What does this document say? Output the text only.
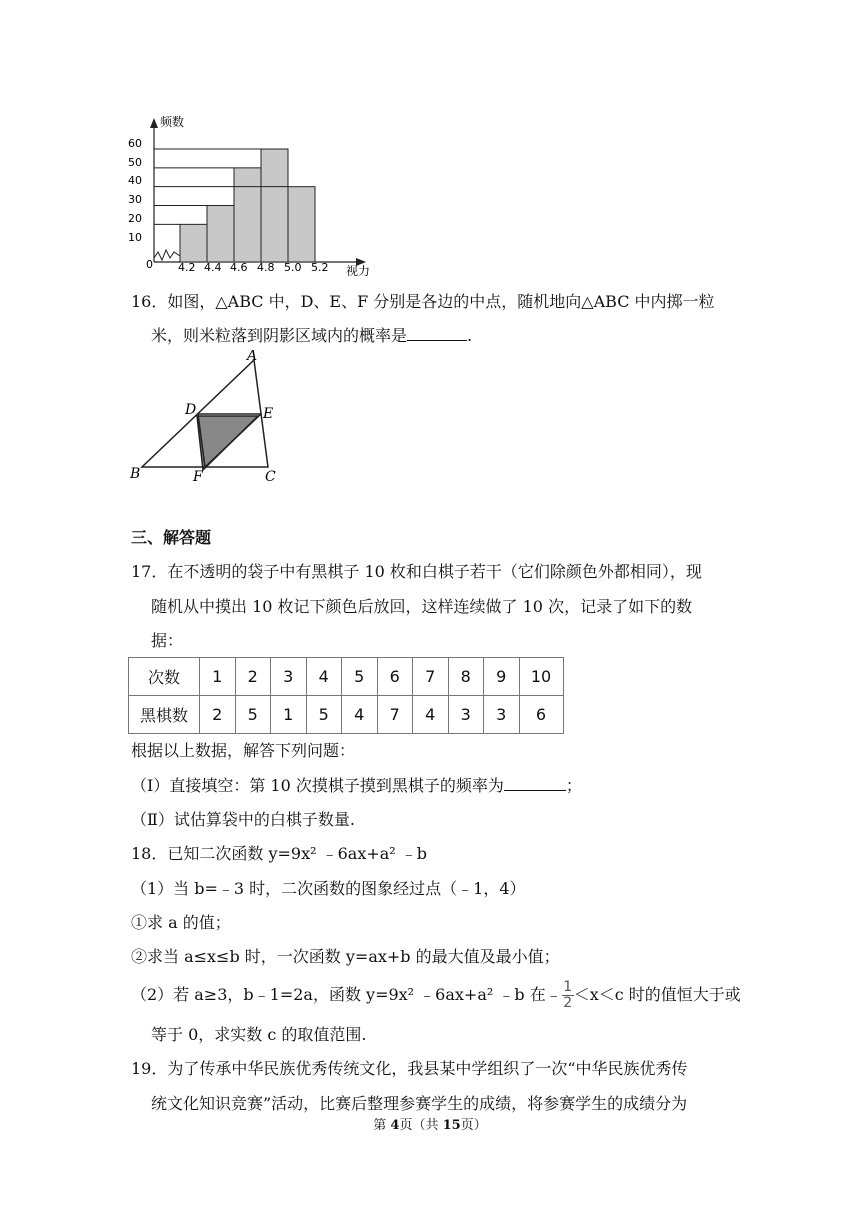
10
20
30
40
50
60
0 4.2 4.4 4.6 4.8 5.0 5.2
频数
视力
16．如图，△ABC 中，D、E、F 分别是各边的中点，随机地向△ABC 中内掷一粒
米，则米粒落到阴影区域内的概率是	.
A
B	C
D	E
F
三、解答题
17．在不透明的袋子中有黑棋子 10 枚和白棋子若干（它们除颜色外都相同），现
随机从中摸出 10 枚记下颜色后放回，这样连续做了 10 次，记录了如下的数
据：
次数	1	2	3	4	5	6	7	8	9	10
黑棋数	2	5	1	5	4	7	4	3	3	6
根据以上数据，解答下列问题：
（Ⅰ）直接填空：第 10 次摸棋子摸到黑棋子的频率为	；
（Ⅱ）试估算袋中的白棋子数量.
18．已知二次函数 y=9x² ﹣6ax+a² ﹣b
（1）当 b=﹣3 时，二次函数的图象经过点（﹣1，4）
①求 a 的值；
②求当 a≤x≤b 时，一次函数 y=ax+b 的最大值及最小值；
（2）若 a≥3，b﹣1=2a，函数 y=9x² ﹣6ax+a² ﹣b 在﹣ $\frac{1}{2} <x<c$ 时的值恒大于或
等于 0，求实数 c 的取值范围.
19．为了传承中华民族优秀传统文化，我县某中学组织了一次“中华民族优秀传
统文化知识竞赛”活动，比赛后整理参赛学生的成绩，将参赛学生的成绩分为
第 4页（共 15页）
